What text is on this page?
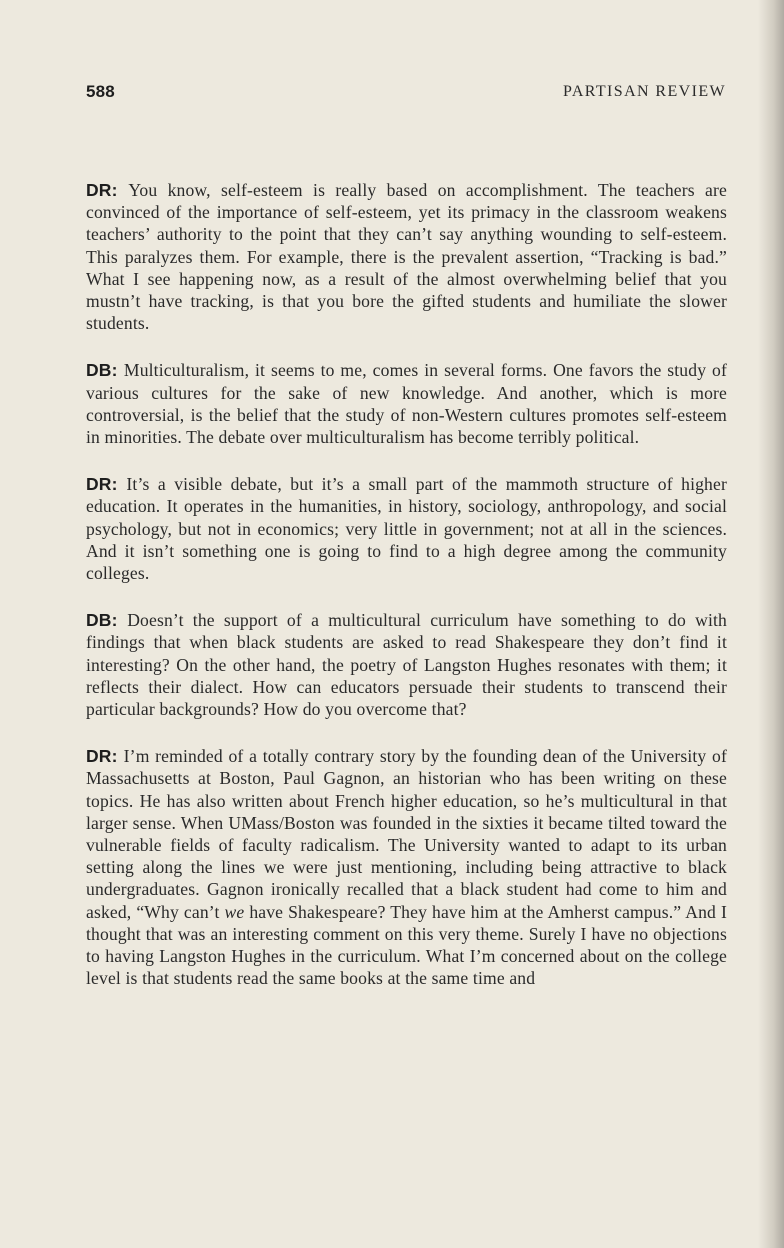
588	PARTISAN REVIEW

DR: You know, self-esteem is really based on accomplishment. The teachers are convinced of the importance of self-esteem, yet its primacy in the classroom weakens teachers’ authority to the point that they can’t say anything wounding to self-esteem. This paralyzes them. For example, there is the prevalent assertion, “Tracking is bad.” What I see happening now, as a result of the almost overwhelming belief that you mustn’t have tracking, is that you bore the gifted students and humiliate the slower students.

DB: Multiculturalism, it seems to me, comes in several forms. One favors the study of various cultures for the sake of new knowledge. And another, which is more controversial, is the belief that the study of non-Western cultures promotes self-esteem in minorities. The debate over multiculturalism has become terribly political.

DR: It’s a visible debate, but it’s a small part of the mammoth structure of higher education. It operates in the humanities, in history, sociology, anthropology, and social psychology, but not in economics; very little in government; not at all in the sciences. And it isn’t something one is going to find to a high degree among the community colleges.

DB: Doesn’t the support of a multicultural curriculum have something to do with findings that when black students are asked to read Shakespeare they don’t find it interesting? On the other hand, the poetry of Langston Hughes resonates with them; it reflects their dialect. How can educators persuade their students to transcend their particular backgrounds? How do you overcome that?

DR: I’m reminded of a totally contrary story by the founding dean of the University of Massachusetts at Boston, Paul Gagnon, an historian who has been writing on these topics. He has also written about French higher education, so he’s multicultural in that larger sense. When UMass/Boston was founded in the sixties it became tilted toward the vulnerable fields of faculty radicalism. The University wanted to adapt to its urban setting along the lines we were just mentioning, including being attractive to black undergraduates. Gagnon ironically recalled that a black student had come to him and asked, “Why can’t we have Shakespeare? They have him at the Amherst campus.” And I thought that was an interesting comment on this very theme. Surely I have no objections to having Langston Hughes in the curriculum. What I’m concerned about on the college level is that students read the same books at the same time and
